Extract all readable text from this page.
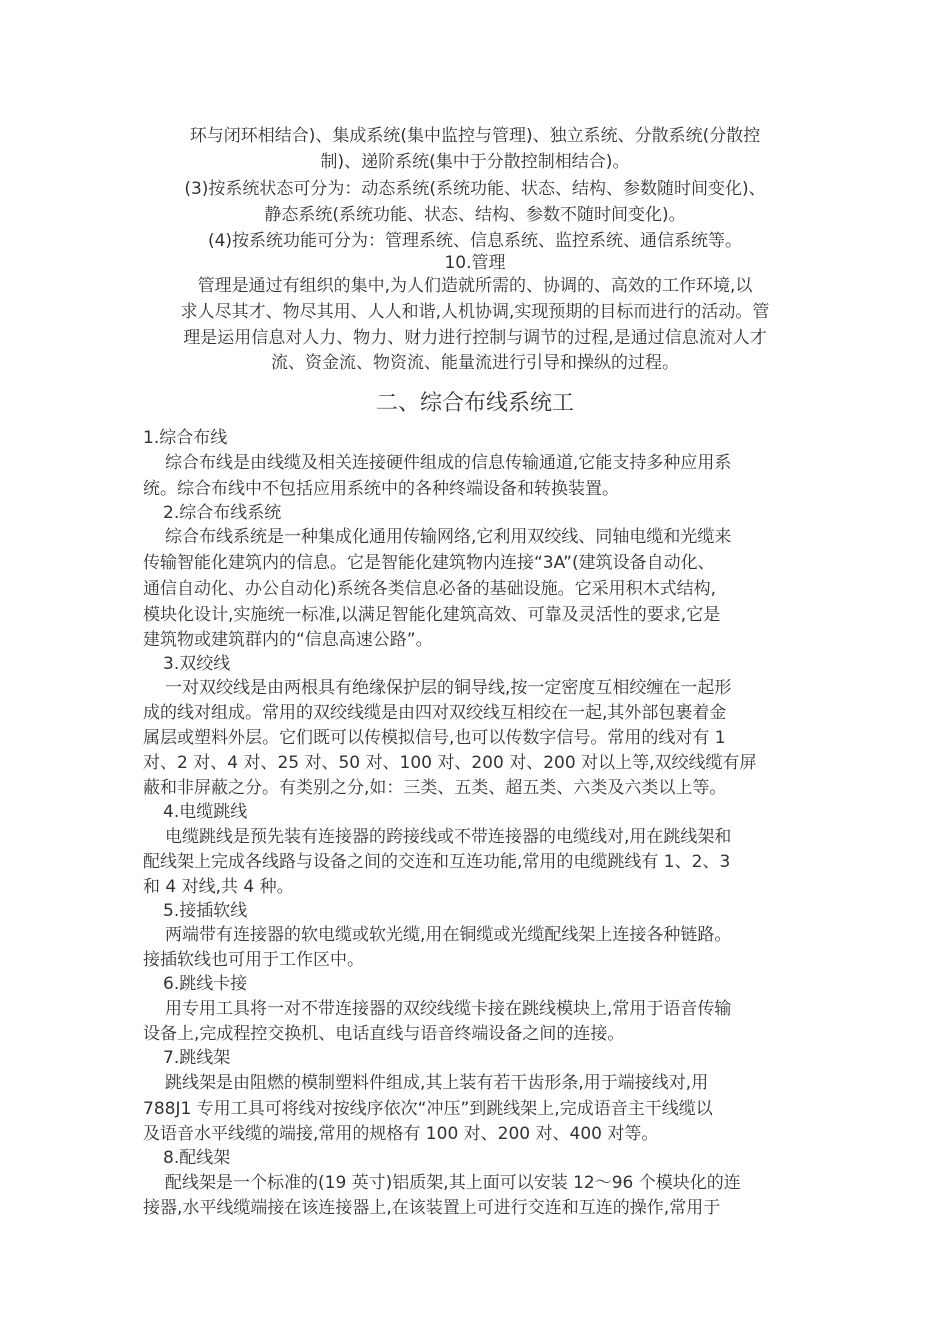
环与闭环相结合)、集成系统(集中监控与管理)、独立系统、分散系统(分散控
制)、递阶系统(集中于分散控制相结合)。
(3)按系统状态可分为：动态系统(系统功能、状态、结构、参数随时间变化)、
静态系统(系统功能、状态、结构、参数不随时间变化)。
(4)按系统功能可分为：管理系统、信息系统、监控系统、通信系统等。
10.管理
管理是通过有组织的集中,为人们造就所需的、协调的、高效的工作环境,以
求人尽其才、物尽其用、人人和谐,人机协调,实现预期的目标而进行的活动。管
理是运用信息对人力、物力、财力进行控制与调节的过程,是通过信息流对人才
流、资金流、物资流、能量流进行引导和操纵的过程。
二、综合布线系统工
1.综合布线
综合布线是由线缆及相关连接硬件组成的信息传输通道,它能支持多种应用系
统。综合布线中不包括应用系统中的各种终端设备和转换装置。
2.综合布线系统
综合布线系统是一种集成化通用传输网络,它利用双绞线、同轴电缆和光缆来
传输智能化建筑内的信息。它是智能化建筑物内连接“3A”(建筑设备自动化、
通信自动化、办公自动化)系统各类信息必备的基础设施。它采用积木式结构,
模块化设计,实施统一标准,以满足智能化建筑高效、可靠及灵活性的要求,它是
建筑物或建筑群内的“信息高速公路”。
3.双绞线
一对双绞线是由两根具有绝缘保护层的铜导线,按一定密度互相绞缠在一起形
成的线对组成。常用的双绞线缆是由四对双绞线互相绞在一起,其外部包裹着金
属层或塑料外层。它们既可以传模拟信号,也可以传数字信号。常用的线对有 1
对、2 对、4 对、25 对、50 对、100 对、200 对、200 对以上等,双绞线缆有屏
蔽和非屏蔽之分。有类别之分,如：三类、五类、超五类、六类及六类以上等。
4.电缆跳线
电缆跳线是预先装有连接器的跨接线或不带连接器的电缆线对,用在跳线架和
配线架上完成各线路与设备之间的交连和互连功能,常用的电缆跳线有 1、2、3
和 4 对线,共 4 种。
5.接插软线
两端带有连接器的软电缆或软光缆,用在铜缆或光缆配线架上连接各种链路。
接插软线也可用于工作区中。
6.跳线卡接
用专用工具将一对不带连接器的双绞线缆卡接在跳线模块上,常用于语音传输
设备上,完成程控交换机、电话直线与语音终端设备之间的连接。
7.跳线架
跳线架是由阻燃的模制塑料件组成,其上装有若干齿形条,用于端接线对,用
788J1 专用工具可将线对按线序依次“冲压”到跳线架上,完成语音主干线缆以
及语音水平线缆的端接,常用的规格有 100 对、200 对、400 对等。
8.配线架
配线架是一个标准的(19 英寸)铝质架,其上面可以安装 12～96 个模块化的连
接器,水平线缆端接在该连接器上,在该装置上可进行交连和互连的操作,常用于
